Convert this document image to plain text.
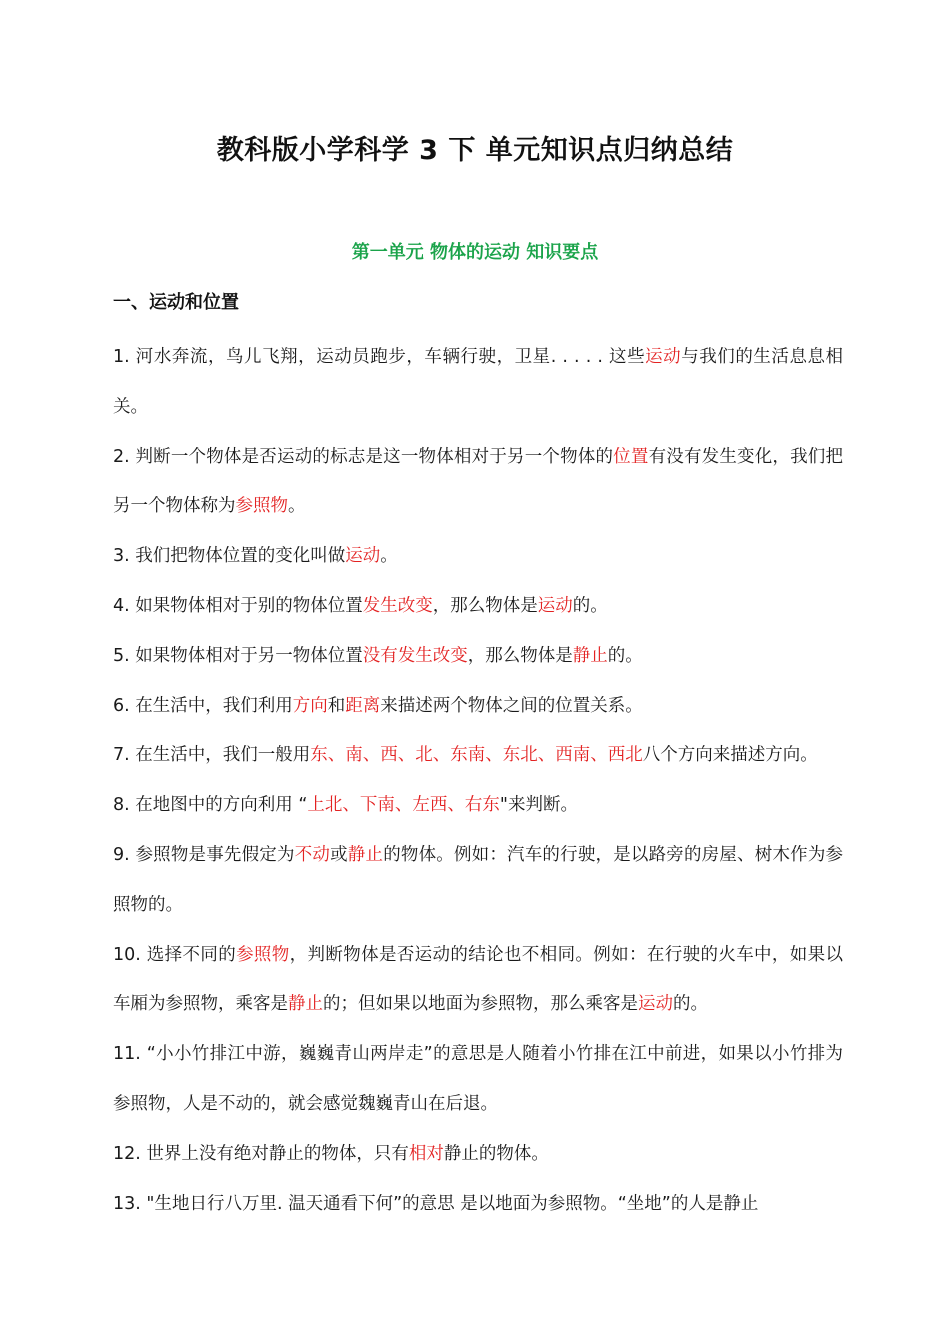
教科版小学科学 3 下 单元知识点归纳总结
第一单元 物体的运动 知识要点
一、运动和位置
1. 河水奔流，鸟儿飞翔，运动员跑步，车辆行驶，卫星. . . . . 这些运动与我们的生活息息相关。
2. 判断一个物体是否运动的标志是这一物体相对于另一个物体的位置有没有发生变化，我们把另一个物体称为参照物。
3. 我们把物体位置的变化叫做运动。
4. 如果物体相对于别的物体位置发生改变，那么物体是运动的。
5. 如果物体相对于另一物体位置没有发生改变，那么物体是静止的。
6. 在生活中，我们利用方向和距离来描述两个物体之间的位置关系。
7. 在生活中，我们一般用东、南、西、北、东南、东北、西南、西北八个方向来描述方向。
8. 在地图中的方向利用 “上北、下南、左西、右东"来判断。
9. 参照物是事先假定为不动或静止的物体。例如：汽车的行驶，是以路旁的房屋、树木作为参照物的。
10. 选择不同的参照物，判断物体是否运动的结论也不相同。例如：在行驶的火车中，如果以车厢为参照物，乘客是静止的；但如果以地面为参照物，那么乘客是运动的。
11. “小小竹排江中游，巍巍青山两岸走”的意思是人随着小竹排在江中前进，如果以小竹排为参照物，人是不动的，就会感觉魏巍青山在后退。
12. 世界上没有绝对静止的物体，只有相对静止的物体。
13. "生地日行八万里. 温天通看下何”的意思 是以地面为参照物。“坐地”的人是静止
